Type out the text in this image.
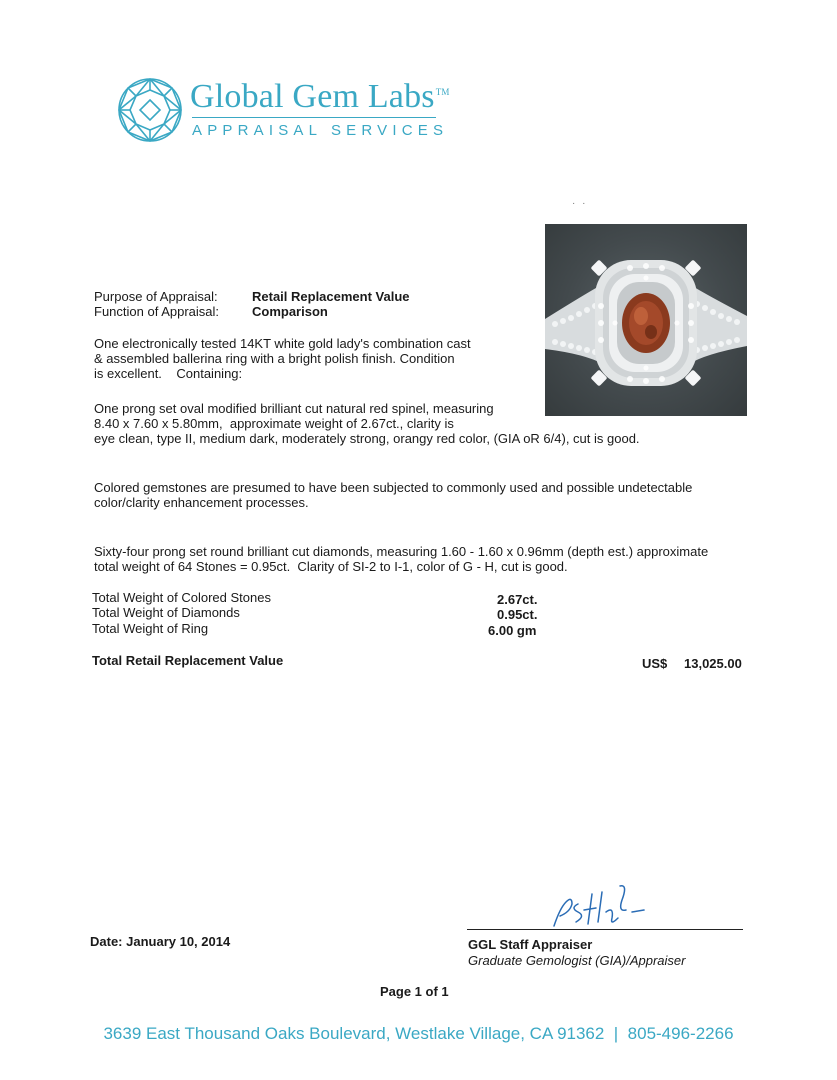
Global Gem Labs™
APPRAISAL SERVICES
· ·
Purpose of Appraisal:	Retail Replacement Value
Function of Appraisal:	Comparison
One electronically tested 14KT white gold lady's combination cast
& assembled ballerina ring with a bright polish finish. Condition
is excellent.    Containing:
One prong set oval modified brilliant cut natural red spinel, measuring
8.40 x 7.60 x 5.80mm,  approximate weight of 2.67ct., clarity is
eye clean, type II, medium dark, moderately strong, orangy red color, (GIA oR 6/4), cut is good.
Colored gemstones are presumed to have been subjected to commonly used and possible undetectable
color/clarity enhancement processes.
Sixty-four prong set round brilliant cut diamonds, measuring 1.60 - 1.60 x 0.96mm (depth est.) approximate
total weight of 64 Stones = 0.95ct.  Clarity of SI-2 to I-1, color of G - H, cut is good.
Total Weight of Colored Stones	2.67ct.
Total Weight of Diamonds	0.95ct.
Total Weight of Ring	6.00 gm
Total Retail Replacement Value	US$ 13,025.00
Date: January 10, 2014	GGL Staff Appraiser
Graduate Gemologist (GIA)/Appraiser
Page 1 of 1
3639 East Thousand Oaks Boulevard, Westlake Village, CA 91362  |  805-496-2266
